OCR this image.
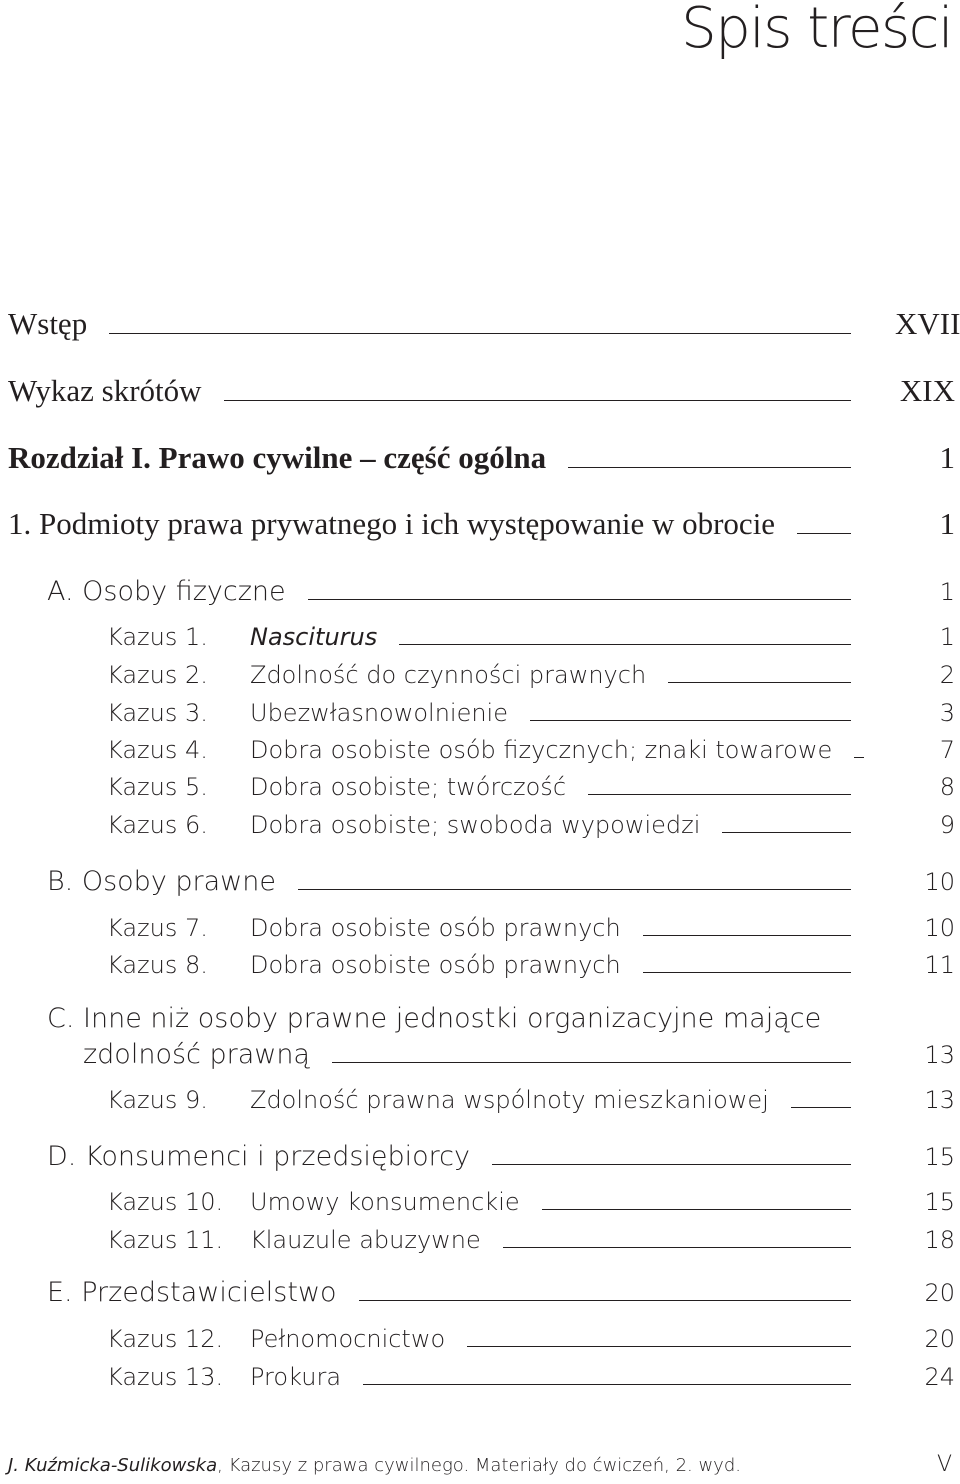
Spis treści
Wstęp	XVII
Wykaz skrótów	XIX
Rozdział I. Prawo cywilne – część ogólna	1
1. Podmioty prawa prywatnego i ich występowanie w obrocie	1
A. Osoby fizyczne	1
Kazus 1.	Nasciturus	1
Kazus 2.	Zdolność do czynności prawnych	2
Kazus 3.	Ubezwłasnowolnienie	3
Kazus 4.	Dobra osobiste osób fizycznych; znaki towarowe	7
Kazus 5.	Dobra osobiste; twórczość	8
Kazus 6.	Dobra osobiste; swoboda wypowiedzi	9
B. Osoby prawne	10
Kazus 7.	Dobra osobiste osób prawnych	10
Kazus 8.	Dobra osobiste osób prawnych	11
C. Inne niż osoby prawne jednostki organizacyjne mające
zdolność prawną	13
Kazus 9.	Zdolność prawna wspólnoty mieszkaniowej	13
D. Konsumenci i przedsiębiorcy	15
Kazus 10.	Umowy konsumenckie	15
Kazus 11.	Klauzule abuzywne	18
E. Przedstawicielstwo	20
Kazus 12.	Pełnomocnictwo	20
Kazus 13.	Prokura	24
J. Kuźmicka-Sulikowska, Kazusy z prawa cywilnego. Materiały do ćwiczeń, 2. wyd.	V
